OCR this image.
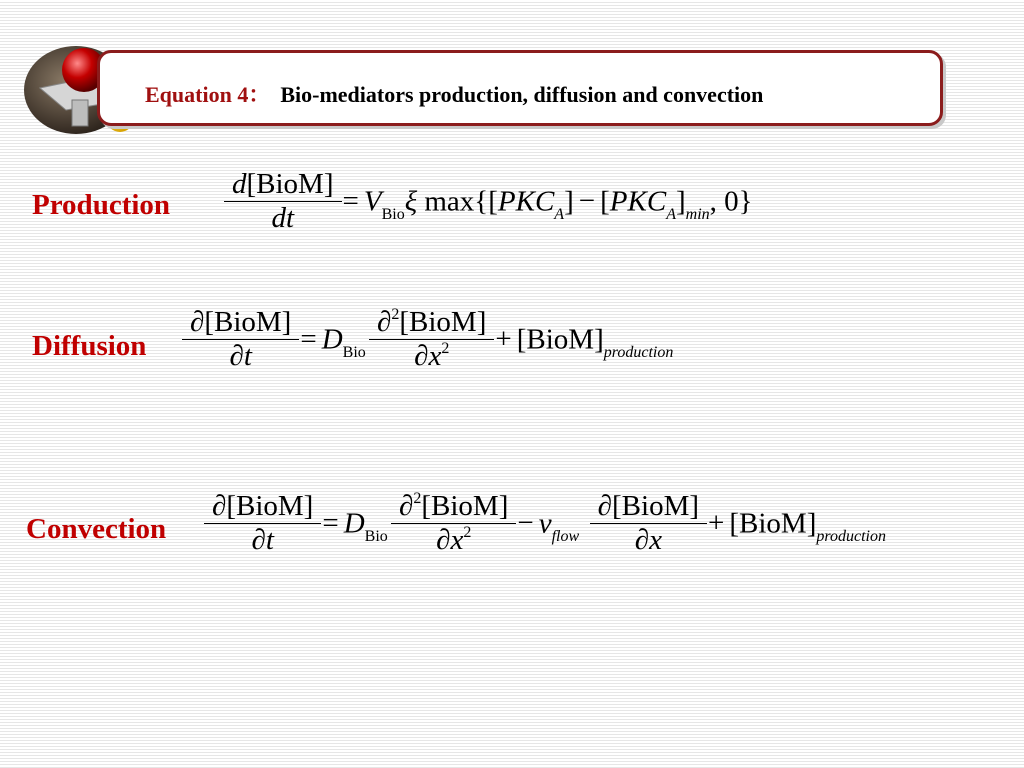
Equation 4： Bio-mediators production, diffusion and convection
Production $\frac{\text{d[BioM]}}{dt} = V_{Bio}\xi$ $\max\{[PKC_A] - [PKC_A]_{min}$, 0}
Diffusion $\frac{\text{∂[BioM]}}{\partial t} = D_{Bio} \frac{\partial^2[BioM]}{\partial x^2}$ + $[BioM]_{production}$
Convection $\frac{\text{∂[BioM]}}{\partial t} = D_{Bio} \frac{\partial^2[BioM]}{\partial x^2} - v_{flow} \frac{\text{∂[BioM]}}{\partial x}$ + $[BioM]_{production}$
